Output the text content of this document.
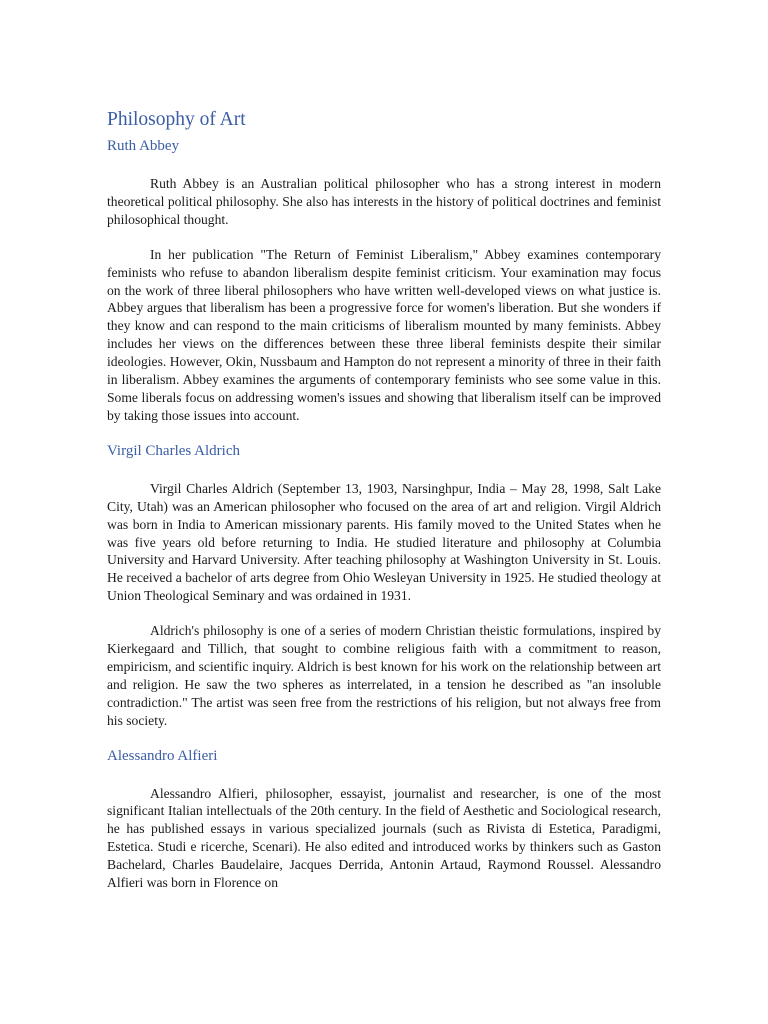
Philosophy of Art
Ruth Abbey

Ruth Abbey is an Australian political philosopher who has a strong interest in modern theoretical political philosophy. She also has interests in the history of political doctrines and feminist philosophical thought.

In her publication "The Return of Feminist Liberalism," Abbey examines contemporary feminists who refuse to abandon liberalism despite feminist criticism. Your examination may focus on the work of three liberal philosophers who have written well-developed views on what justice is. Abbey argues that liberalism has been a progressive force for women's liberation. But she wonders if they know and can respond to the main criticisms of liberalism mounted by many feminists. Abbey includes her views on the differences between these three liberal feminists despite their similar ideologies. However, Okin, Nussbaum and Hampton do not represent a minority of three in their faith in liberalism. Abbey examines the arguments of contemporary feminists who see some value in this. Some liberals focus on addressing women's issues and showing that liberalism itself can be improved by taking those issues into account.

Virgil Charles Aldrich

Virgil Charles Aldrich (September 13, 1903, Narsinghpur, India – May 28, 1998, Salt Lake City, Utah) was an American philosopher who focused on the area of art and religion. Virgil Aldrich was born in India to American missionary parents. His family moved to the United States when he was five years old before returning to India. He studied literature and philosophy at Columbia University and Harvard University. After teaching philosophy at Washington University in St. Louis. He received a bachelor of arts degree from Ohio Wesleyan University in 1925. He studied theology at Union Theological Seminary and was ordained in 1931.

Aldrich's philosophy is one of a series of modern Christian theistic formulations, inspired by Kierkegaard and Tillich, that sought to combine religious faith with a commitment to reason, empiricism, and scientific inquiry. Aldrich is best known for his work on the relationship between art and religion. He saw the two spheres as interrelated, in a tension he described as "an insoluble contradiction." The artist was seen free from the restrictions of his religion, but not always free from his society.

Alessandro Alfieri

Alessandro Alfieri, philosopher, essayist, journalist and researcher, is one of the most significant Italian intellectuals of the 20th century. In the field of Aesthetic and Sociological research, he has published essays in various specialized journals (such as Rivista di Estetica, Paradigmi, Estetica. Studi e ricerche, Scenari). He also edited and introduced works by thinkers such as Gaston Bachelard, Charles Baudelaire, Jacques Derrida, Antonin Artaud, Raymond Roussel. Alessandro Alfieri was born in Florence on
